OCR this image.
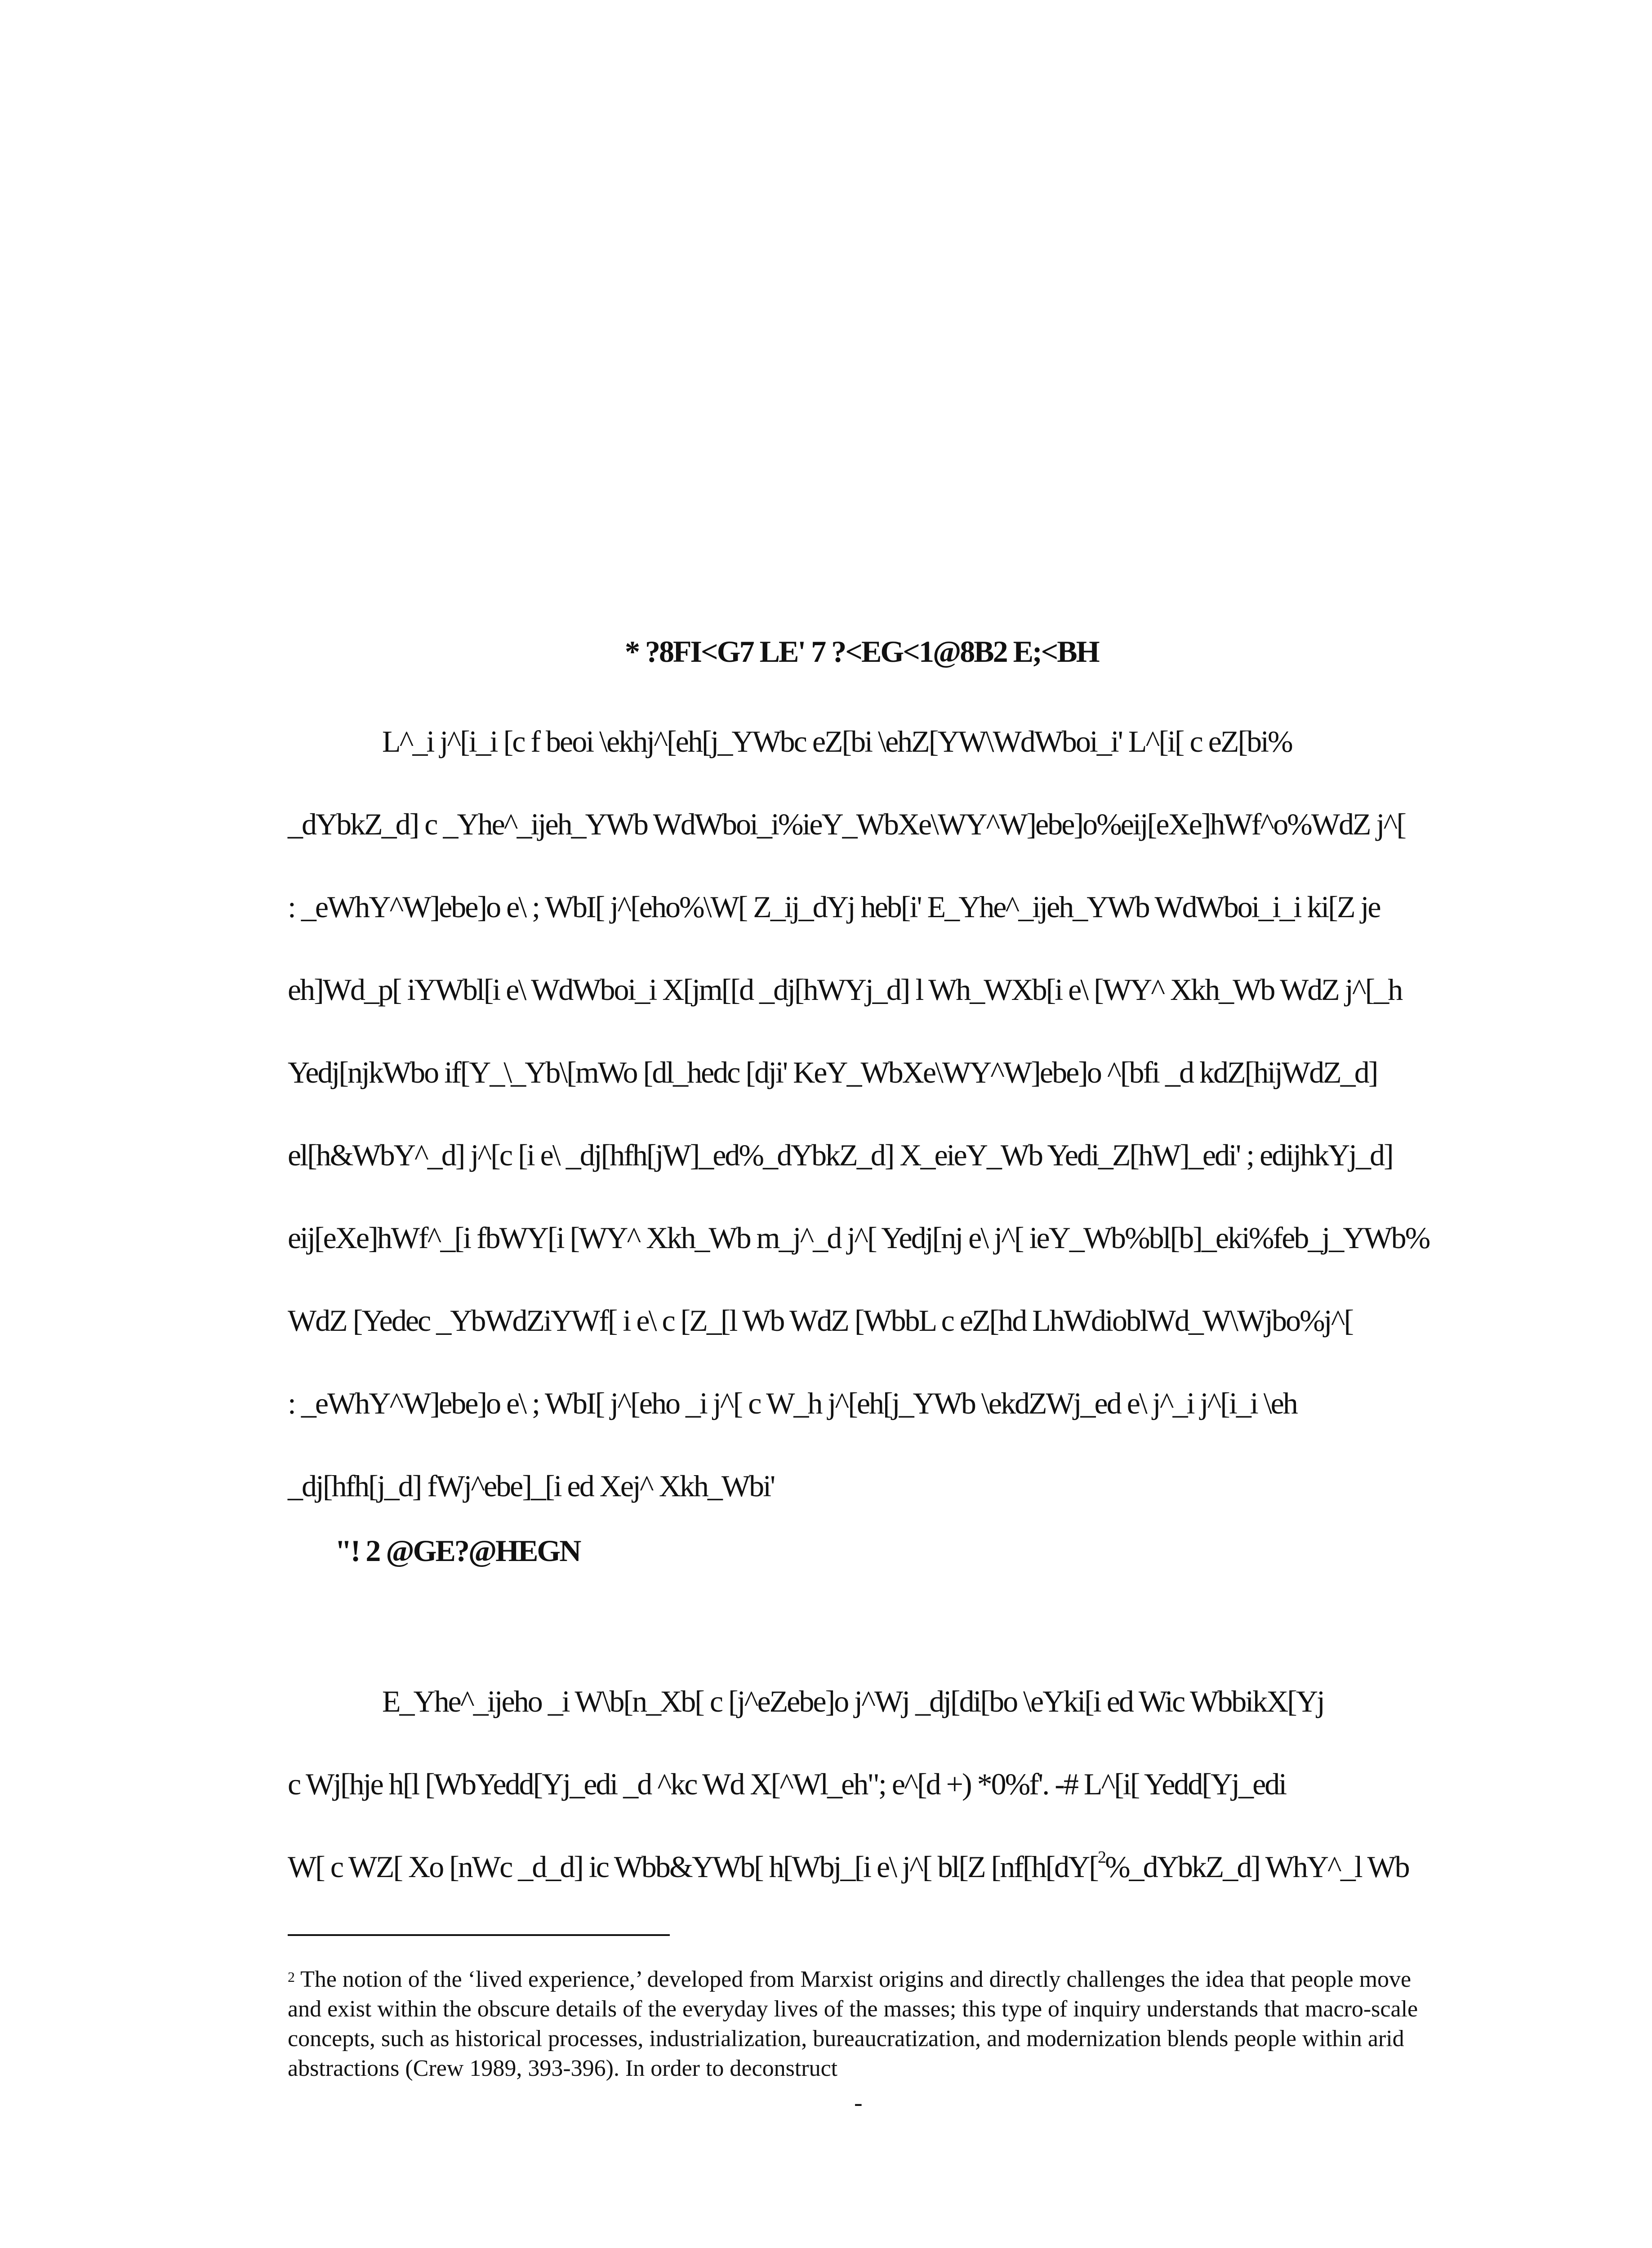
* ?8FI<G7 LE' 7 ?<EG<1@8B2 E;<BH
L^_i j^[i_i [c f beoi \ekhj^[eh[j_YWbc eZ[bi \ehZ[YW\WdWboi_i' L^[i[ c eZ[bi%
_dYbkZ_d] c _Yhe^_ijeh_YWb WdWboi_i%ieY_WbXe\WY^W]ebe]o%eij[eXe]hWf^o%WdZ j^[
: _eWhY^W]ebe]o e\ ; WbI[ j^[eho%\W[ Z_ij_dYj heb[i' E_Yhe^_ijeh_YWb WdWboi_i_i ki[Z je
eh]Wd_p[ iYWbl[i e\ WdWboi_i X[jm[[d _dj[hWYj_d] l Wh_WXb[i e\ [WY^ Xkh_Wb WdZ j^[_h
Yedj[njkWbo if[Y_\_Yb\[mWo [dl_hedc [dji' KeY_WbXe\WY^W]ebe]o ^[bfi _d kdZ[hijWdZ_d]
el[h&WbY^_d] j^[c [i e\ _dj[hfh[jW]_ed%_dYbkZ_d] X_eieY_Wb Yedi_Z[hW]_edi' ; edijhkYj_d]
eij[eXe]hWf^_[i fbWY[i [WY^ Xkh_Wb m_j^_d j^[ Yedj[nj e\ j^[ ieY_Wb%bl[b]_eki%feb_j_YWb%
WdZ [Yedec _YbWdZiYWf[ i e\ c [Z_[l Wb WdZ [WbbL c eZ[hd LhWdioblWd_W\Wjbo%j^[
: _eWhY^W]ebe]o e\ ; WbI[ j^[eho _i j^[ c W_h j^[eh[j_YWb \ekdZWj_ed e\ j^_i j^[i_i \eh
_dj[hfh[j_d] fWj^ebe]_[i ed Xej^ Xkh_Wbi'
"! 2 @GE?@HEGN
E_Yhe^_ijeho _i W\b[n_Xb[ c [j^eZebe]o j^Wj _dj[di[bo \eYki[i ed Wic WbbikX[Yj
c Wj[hje h[l [WbYedd[Yj_edi _d ^kc Wd X[^Wl_eh"; e^[d +) *0%f'. -# L^[i[ Yedd[Yj_edi
W[ c WZ[ Xo [nWc _d_d] ic Wbb&YWb[ h[Wbj_[i e\ j^[ bl[Z [nf[h[dY[$^2$%_dYbkZ_d] WhY^_l Wb

$^2$ The notion of the ‘lived experience,’ developed from Marxist origins and directly challenges the idea that people move and exist within the obscure details of the everyday lives of the masses; this type of inquiry understands that macro-scale concepts, such as historical processes, industrialization, bureaucratization, and modernization blends people within arid abstractions (Crew 1989, 393-396). In order to deconstruct

-
